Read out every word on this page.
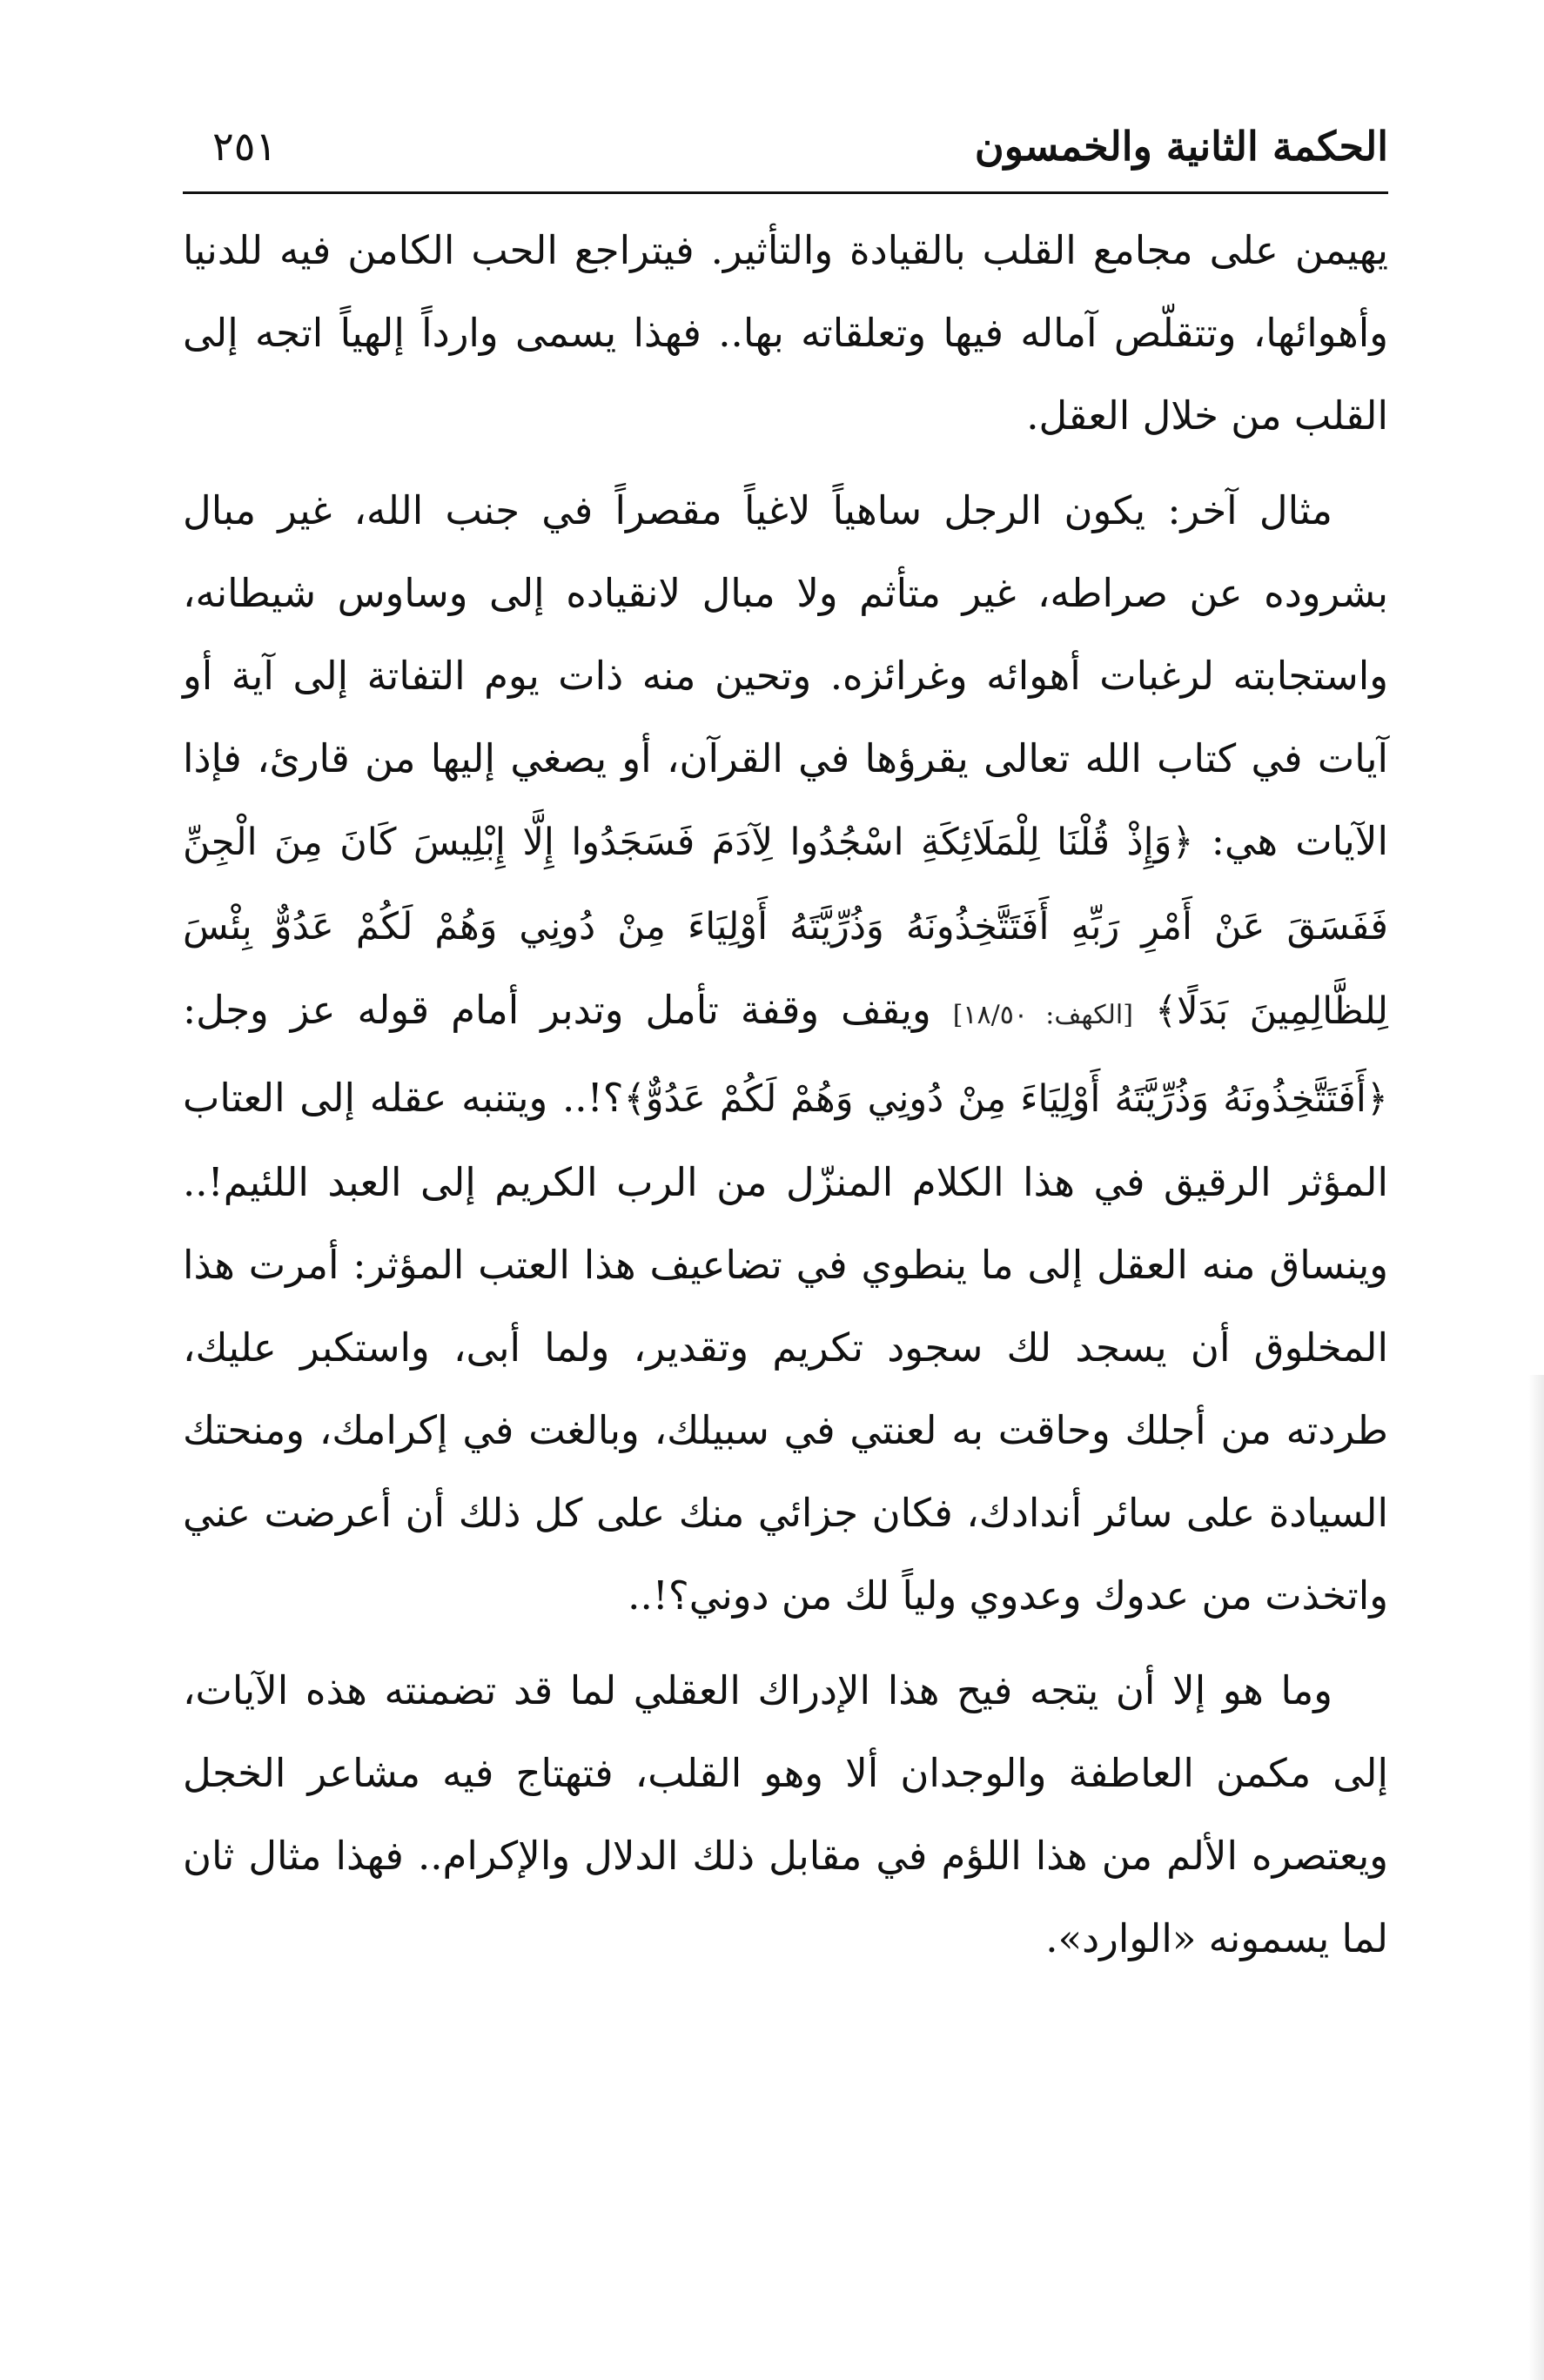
الحكمة الثانية والخمسون
٢٥١

يهيمن على مجامع القلب بالقيادة والتأثير. فيتراجع الحب الكامن فيه للدنيا وأهوائها، وتتقلّص آماله فيها وتعلقاته بها.. فهذا يسمى وارداً إلهياً اتجه إلى القلب من خلال العقل.

مثال آخر: يكون الرجل ساهياً لاغياً مقصراً في جنب الله، غير مبال بشروده عن صراطه، غير متأثم ولا مبال لانقياده إلى وساوس شيطانه، واستجابته لرغبات أهوائه وغرائزه. وتحين منه ذات يوم التفاتة إلى آية أو آيات في كتاب الله تعالى يقرؤها في القرآن، أو يصغي إليها من قارئ، فإذا الآيات هي: ﴿وَإِذْ قُلْنَا لِلْمَلَائِكَةِ اسْجُدُوا لِآدَمَ فَسَجَدُوا إِلَّا إِبْلِيسَ كَانَ مِنَ الْجِنِّ فَفَسَقَ عَنْ أَمْرِ رَبِّهِ أَفَتَتَّخِذُونَهُ وَذُرِّيَّتَهُ أَوْلِيَاءَ مِنْ دُونِي وَهُمْ لَكُمْ عَدُوٌّ بِئْسَ لِلظَّالِمِينَ بَدَلًا﴾ [الكهف: ١٨/٥٠] ويقف وقفة تأمل وتدبر أمام قوله عز وجل: ﴿أَفَتَتَّخِذُونَهُ وَذُرِّيَّتَهُ أَوْلِيَاءَ مِنْ دُونِي وَهُمْ لَكُمْ عَدُوٌّ﴾؟!.. ويتنبه عقله إلى العتاب المؤثر الرقيق في هذا الكلام المنزّل من الرب الكريم إلى العبد اللئيم!.. وينساق منه العقل إلى ما ينطوي في تضاعيف هذا العتب المؤثر: أمرت هذا المخلوق أن يسجد لك سجود تكريم وتقدير، ولما أبى، واستكبر عليك، طردته من أجلك وحاقت به لعنتي في سبيلك، وبالغت في إكرامك، ومنحتك السيادة على سائر أندادك، فكان جزائي منك على كل ذلك أن أعرضت عني واتخذت من عدوك وعدوي ولياً لك من دوني؟!..

وما هو إلا أن يتجه فيح هذا الإدراك العقلي لما قد تضمنته هذه الآيات، إلى مكمن العاطفة والوجدان ألا وهو القلب، فتهتاج فيه مشاعر الخجل ويعتصره الألم من هذا اللؤم في مقابل ذلك الدلال والإكرام.. فهذا مثال ثان لما يسمونه «الوارد».
